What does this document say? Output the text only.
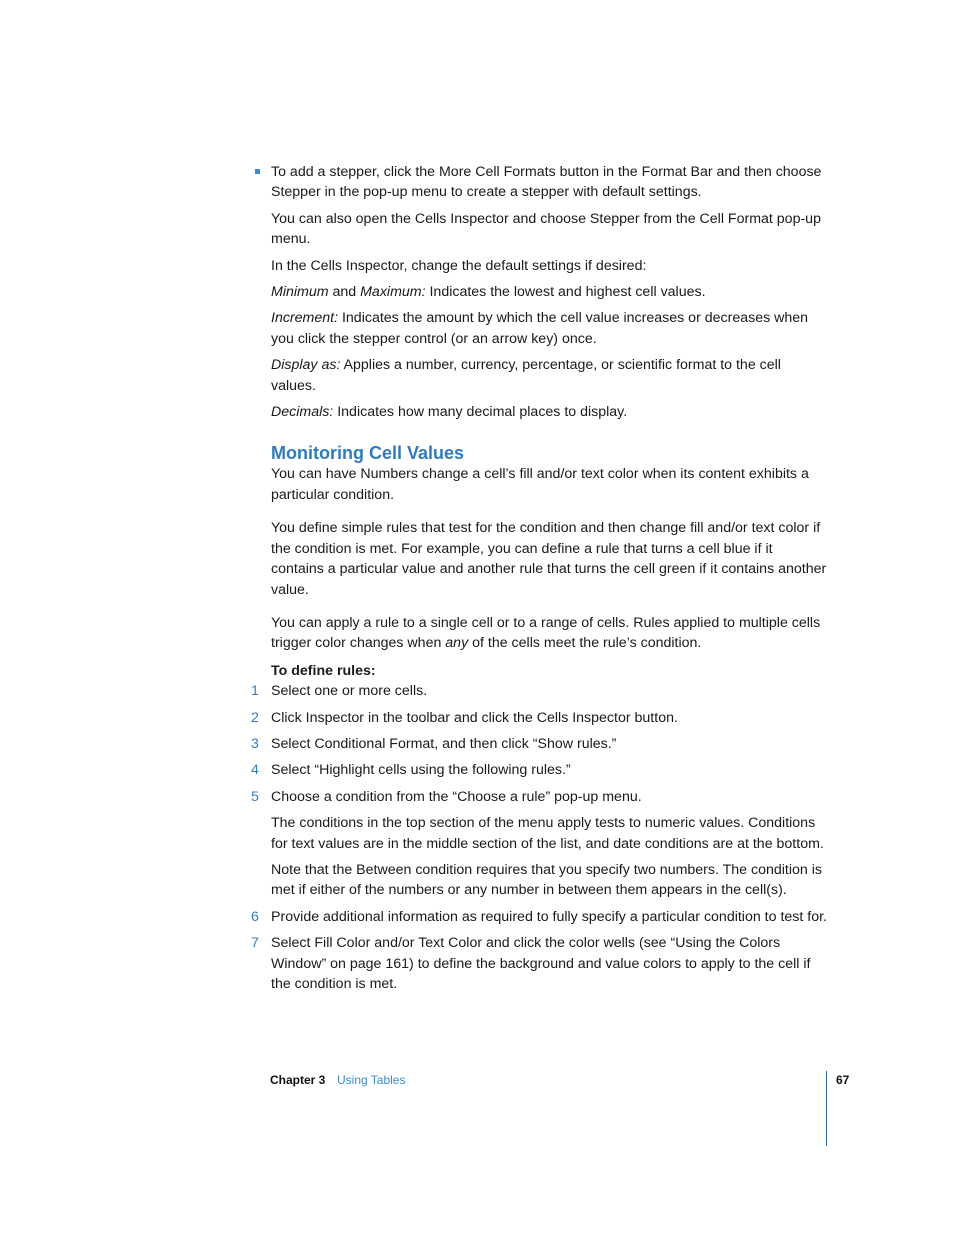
To add a stepper, click the More Cell Formats button in the Format Bar and then choose Stepper in the pop-up menu to create a stepper with default settings.

You can also open the Cells Inspector and choose Stepper from the Cell Format pop-up menu.

In the Cells Inspector, change the default settings if desired:

Minimum and Maximum: Indicates the lowest and highest cell values.

Increment: Indicates the amount by which the cell value increases or decreases when you click the stepper control (or an arrow key) once.

Display as: Applies a number, currency, percentage, or scientific format to the cell values.

Decimals: Indicates how many decimal places to display.

Monitoring Cell Values

You can have Numbers change a cell’s fill and/or text color when its content exhibits a particular condition.

You define simple rules that test for the condition and then change fill and/or text color if the condition is met. For example, you can define a rule that turns a cell blue if it contains a particular value and another rule that turns the cell green if it contains another value.

You can apply a rule to a single cell or to a range of cells. Rules applied to multiple cells trigger color changes when any of the cells meet the rule’s condition.

To define rules:

1 Select one or more cells.

2 Click Inspector in the toolbar and click the Cells Inspector button.

3 Select Conditional Format, and then click “Show rules.”

4 Select “Highlight cells using the following rules.”

5 Choose a condition from the “Choose a rule” pop-up menu.

The conditions in the top section of the menu apply tests to numeric values. Conditions for text values are in the middle section of the list, and date conditions are at the bottom.

Note that the Between condition requires that you specify two numbers. The condition is met if either of the numbers or any number in between them appears in the cell(s).

6 Provide additional information as required to fully specify a particular condition to test for.

7 Select Fill Color and/or Text Color and click the color wells (see “Using the Colors Window” on page 161) to define the background and value colors to apply to the cell if the condition is met.

Chapter 3 Using Tables	67
